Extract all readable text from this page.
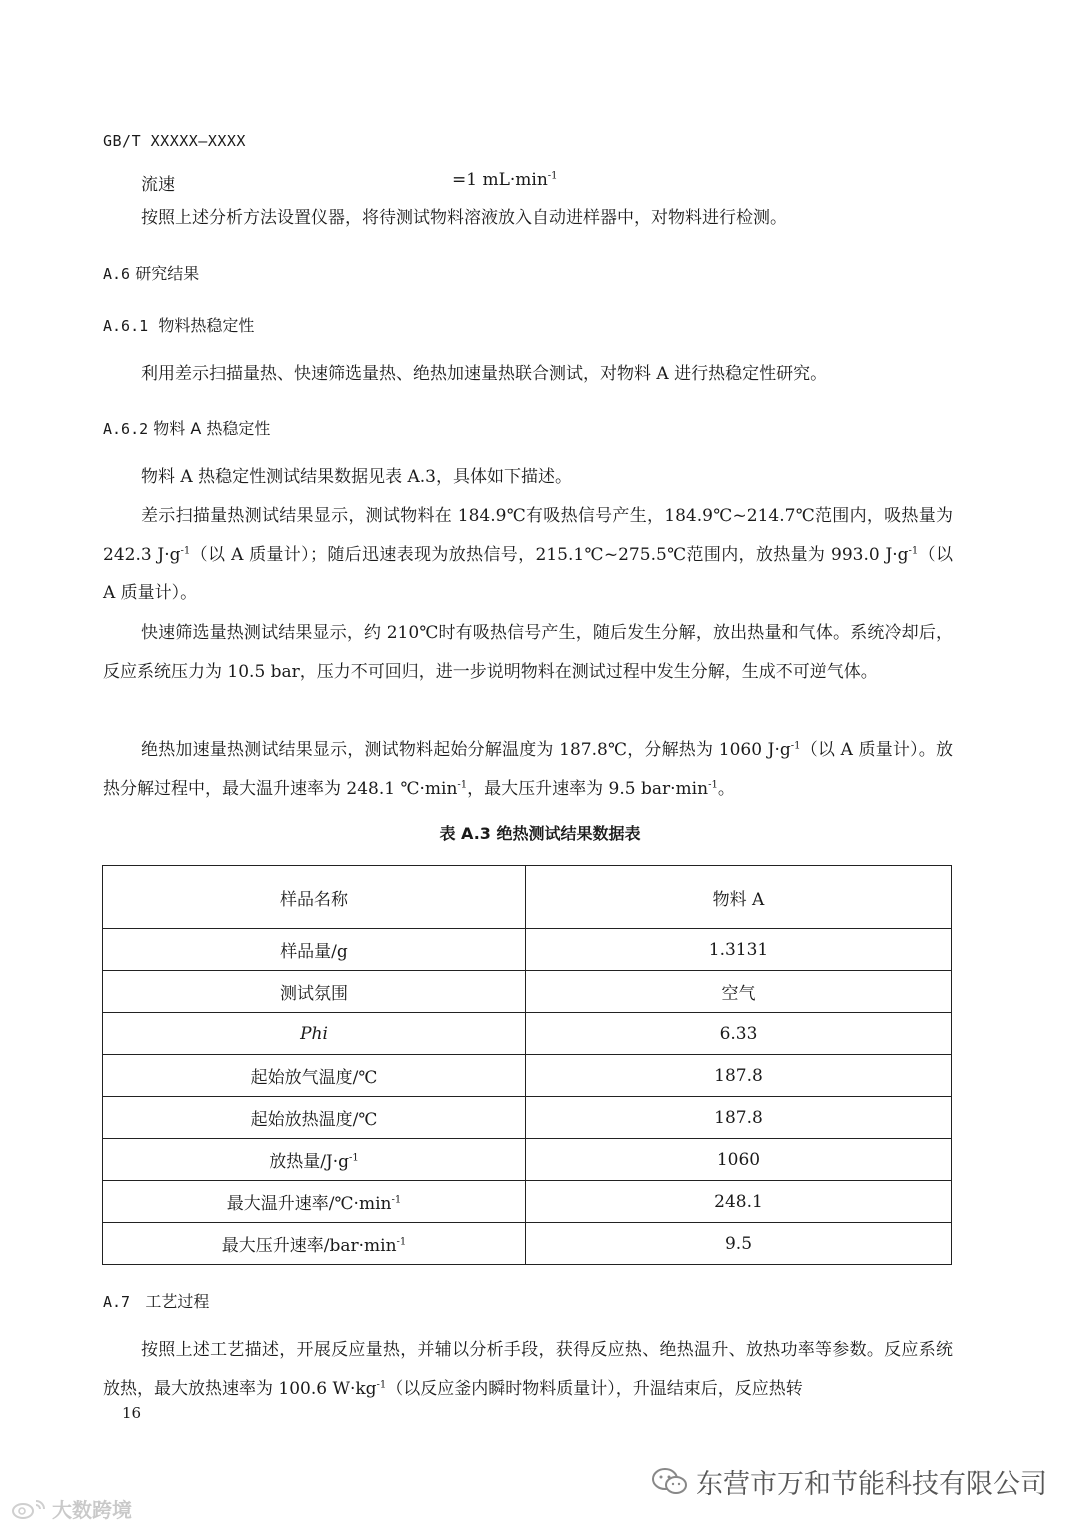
GB/T XXXXX—XXXX
流速	=1 $mL\cdot\min^{-1}$
按照上述分析方法设置仪器，将待测试物料溶液放入自动进样器中，对物料进行检测。
A.6 研究结果
A.6.1 物料热稳定性
利用差示扫描量热、快速筛选量热、绝热加速量热联合测试，对物料 A 进行热稳定性研究。
A.6.2 物料 A 热稳定性
物料 A 热稳定性测试结果数据见表 A.3，具体如下描述。
差示扫描量热测试结果显示，测试物料在 184.9℃有吸热信号产生，184.9℃~214.7℃范围内，吸热量为 242.3 $J\cdot g^{-1}$（以 A 质量计）；随后迅速表现为放热信号，215.1℃~275.5℃范围内，放热量为 993.0 $J\cdot g^{-1}$（以 A 质量计）。
快速筛选量热测试结果显示，约 210℃时有吸热信号产生，随后发生分解，放出热量和气体。系统冷却后，反应系统压力为 10.5 bar，压力不可回归，进一步说明物料在测试过程中发生分解，生成不可逆气体。
绝热加速量热测试结果显示，测试物料起始分解温度为 187.8℃，分解热为 1060 $J\cdot g^{-1}$（以 A 质量计）。放热分解过程中，最大温升速率为 248.1 $℃\cdot\min^{-1}$，最大压升速率为 9.5 $bar\cdot\min^{-1}$。
表 A.3 绝热测试结果数据表
样品名称	物料 A
样品量/g	1.3131
测试氛围	空气
Phi	6.33
起始放气温度/℃	187.8
起始放热温度/℃	187.8
放热量$/J\cdot g^{-1}$	1060
最大温升速率$/℃\cdot\min^{-1}$	248.1
最大压升速率$/bar\cdot\min^{-1}$	9.5
A.7 工艺过程
按照上述工艺描述，开展反应量热，并辅以分析手段，获得反应热、绝热温升、放热功率等参数。反应系统放热，最大放热速率为 100.6 $W\cdot kg^{-1}$（以反应釜内瞬时物料质量计），升温结束后，反应热转
16
东营市万和节能科技有限公司
大数跨境
